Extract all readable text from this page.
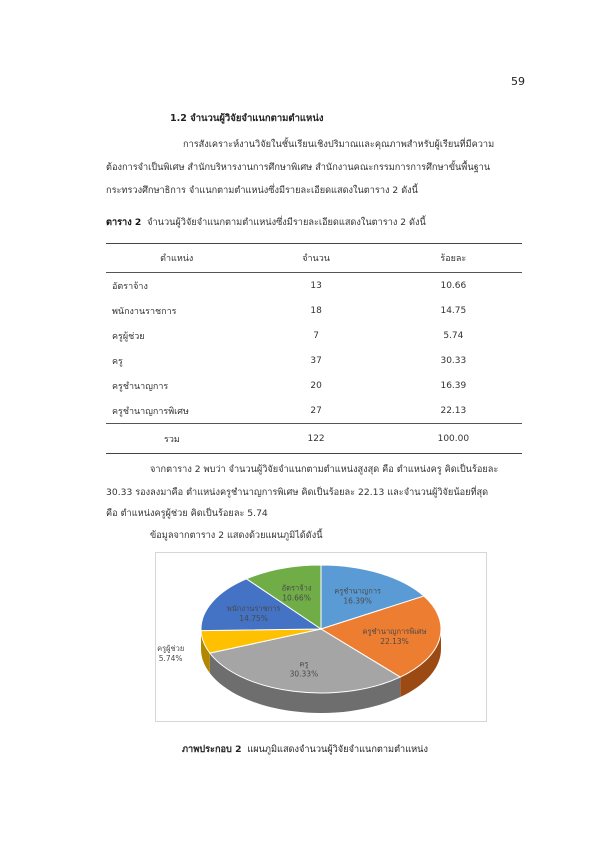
59
1.2 จำนวนผู้วิจัยจำแนกตามตำแหน่ง
การสังเคราะห์งานวิจัยในชั้นเรียนเชิงปริมาณและคุณภาพสำหรับผู้เรียนที่มีความ
ต้องการจำเป็นพิเศษ สำนักบริหารงานการศึกษาพิเศษ สำนักงานคณะกรรมการการศึกษาขั้นพื้นฐาน
กระทรวงศึกษาธิการ จำแนกตามตำแหน่งซึ่งมีรายละเอียดแสดงในตาราง 2 ดังนี้
ตาราง 2 จำนวนผู้วิจัยจำแนกตามตำแหน่งซึ่งมีรายละเอียดแสดงในตาราง 2 ดังนี้
ตำแหน่ง	จำนวน	ร้อยละ
อัตราจ้าง	13	10.66
พนักงานราชการ	18	14.75
ครูผู้ช่วย	7	5.74
ครู	37	30.33
ครูชำนาญการ	20	16.39
ครูชำนาญการพิเศษ	27	22.13
รวม	122	100.00
จากตาราง 2 พบว่า จำนวนผู้วิจัยจำแนกตามตำแหน่งสูงสุด คือ ตำแหน่งครู คิดเป็นร้อยละ
30.33 รองลงมาคือ ตำแหน่งครูชำนาญการพิเศษ คิดเป็นร้อยละ 22.13 และจำนวนผู้วิจัยน้อยที่สุด
คือ ตำแหน่งครูผู้ช่วย คิดเป็นร้อยละ 5.74
ข้อมูลจากตาราง 2 แสดงด้วยแผนภูมิได้ดังนี้
ครูชำนาญการ
16.39%
ครูชำนาญการพิเศษ
22.13%
ครู
30.33%
ครูผู้ช่วย
5.74%
พนักงานราชการ
14.75%
อัตราจ้าง
10.66%
ภาพประกอบ 2 แผนภูมิแสดงจำนวนผู้วิจัยจำแนกตามตำแหน่ง
